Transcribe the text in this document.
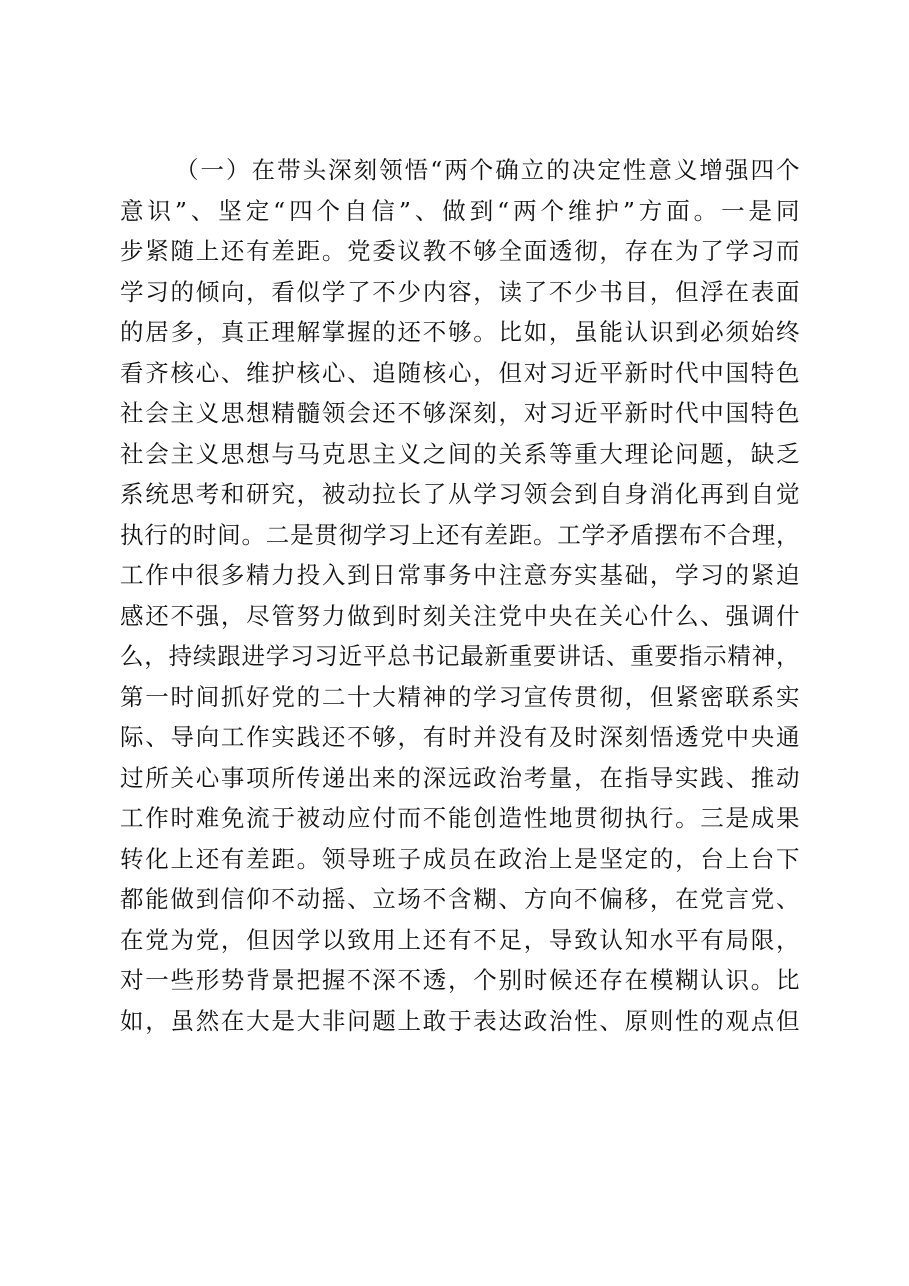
（一）在带头深刻领悟“两个确立的决定性意义增强四个
意识”、坚定“四个自信”、做到“两个维护”方面。一是同
步紧随上还有差距。党委议教不够全面透彻，存在为了学习而
学习的倾向，看似学了不少内容，读了不少书目，但浮在表面
的居多，真正理解掌握的还不够。比如，虽能认识到必须始终
看齐核心、维护核心、追随核心，但对习近平新时代中国特色
社会主义思想精髓领会还不够深刻，对习近平新时代中国特色
社会主义思想与马克思主义之间的关系等重大理论问题，缺乏
系统思考和研究，被动拉长了从学习领会到自身消化再到自觉
执行的时间。二是贯彻学习上还有差距。工学矛盾摆布不合理，
工作中很多精力投入到日常事务中注意夯实基础，学习的紧迫
感还不强，尽管努力做到时刻关注党中央在关心什么、强调什
么，持续跟进学习习近平总书记最新重要讲话、重要指示精神，
第一时间抓好党的二十大精神的学习宣传贯彻，但紧密联系实
际、导向工作实践还不够，有时并没有及时深刻悟透党中央通
过所关心事项所传递出来的深远政治考量，在指导实践、推动
工作时难免流于被动应付而不能创造性地贯彻执行。三是成果
转化上还有差距。领导班子成员在政治上是坚定的，台上台下
都能做到信仰不动摇、立场不含糊、方向不偏移，在党言党、
在党为党，但因学以致用上还有不足，导致认知水平有局限，
对一些形势背景把握不深不透，个别时候还存在模糊认识。比
如，虽然在大是大非问题上敢于表达政治性、原则性的观点但
